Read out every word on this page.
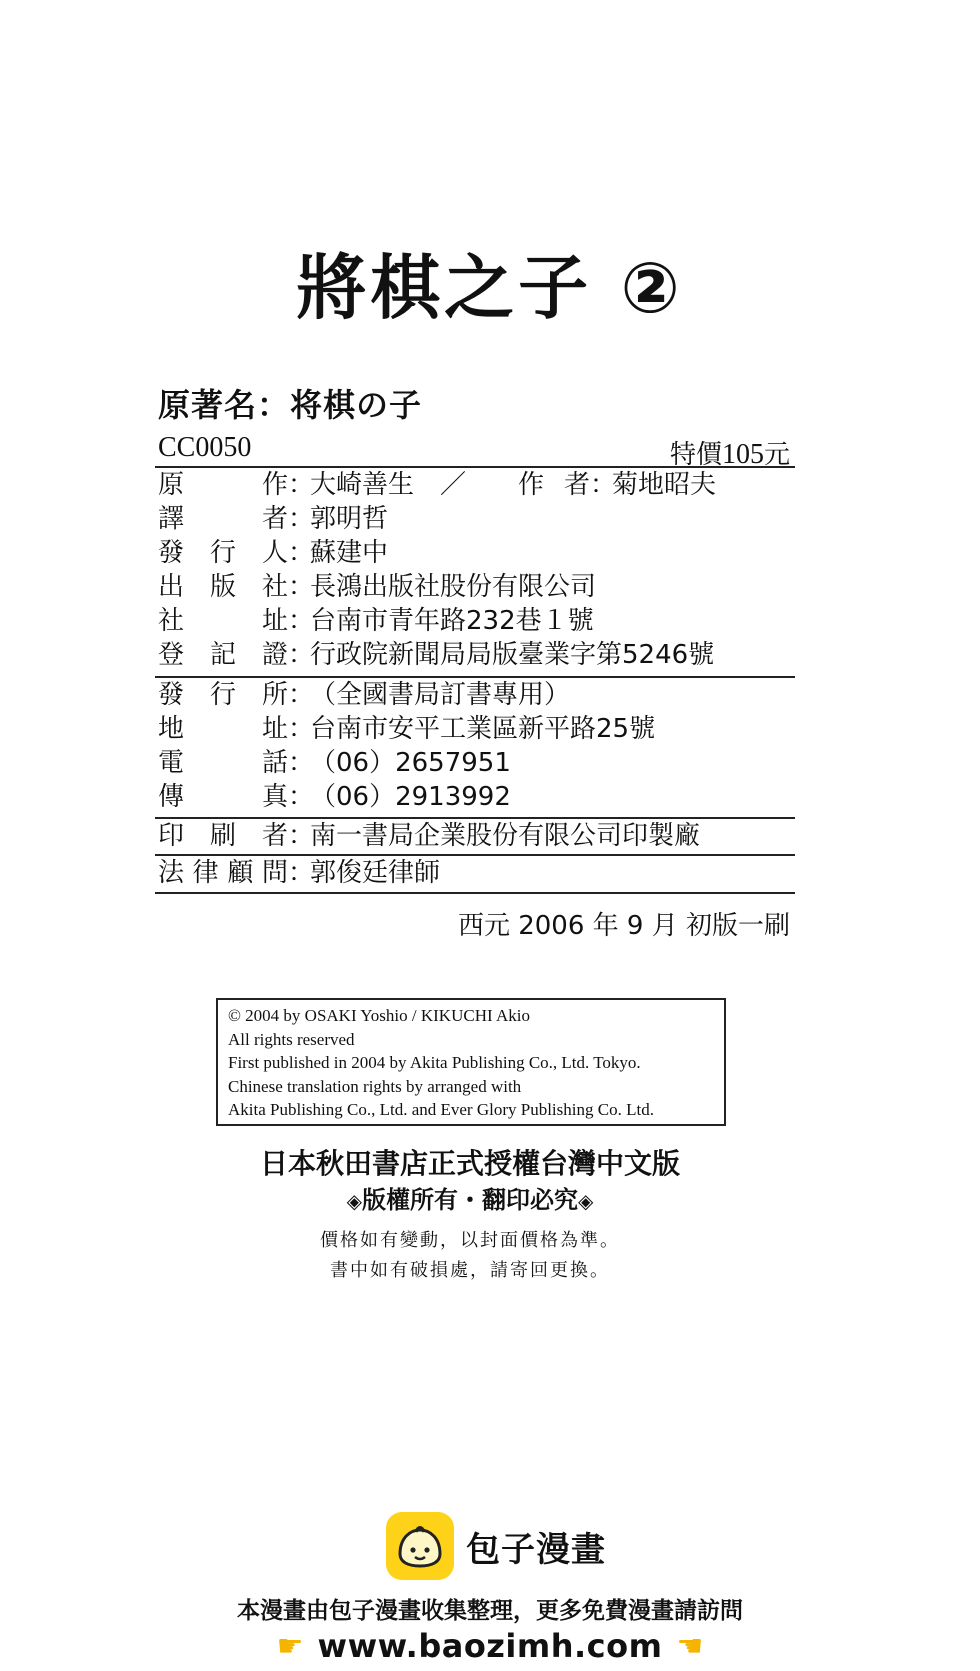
將棋之子 ②
原著名：将棋の子
CC0050	特價105元
原作：大崎善生 ／ 作者：菊地昭夫
譯者：郭明哲
發行人：蘇建中
出版社：長鴻出版社股份有限公司
社址：台南市青年路232巷１號
登記證：行政院新聞局局版臺業字第5246號
發行所：（全國書局訂書專用）
地址：台南市安平工業區新平路25號
電話：（06）2657951
傳真：（06）2913992
印刷者：南一書局企業股份有限公司印製廠
法律顧問：郭俊廷律師
西元 2006 年 9 月 初版一刷
© 2004 by OSAKI Yoshio / KIKUCHI Akio
All rights reserved
First published in 2004 by Akita Publishing Co., Ltd. Tokyo.
Chinese translation rights by arranged with
Akita Publishing Co., Ltd. and Ever Glory Publishing Co. Ltd.
日本秋田書店正式授權台灣中文版
◈版權所有・翻印必究◈
價格如有變動，以封面價格為準。
書中如有破損處，請寄回更換。
包子漫畫
本漫畫由包子漫畫收集整理，更多免費漫畫請訪問
☛ www.baozimh.com ☚
